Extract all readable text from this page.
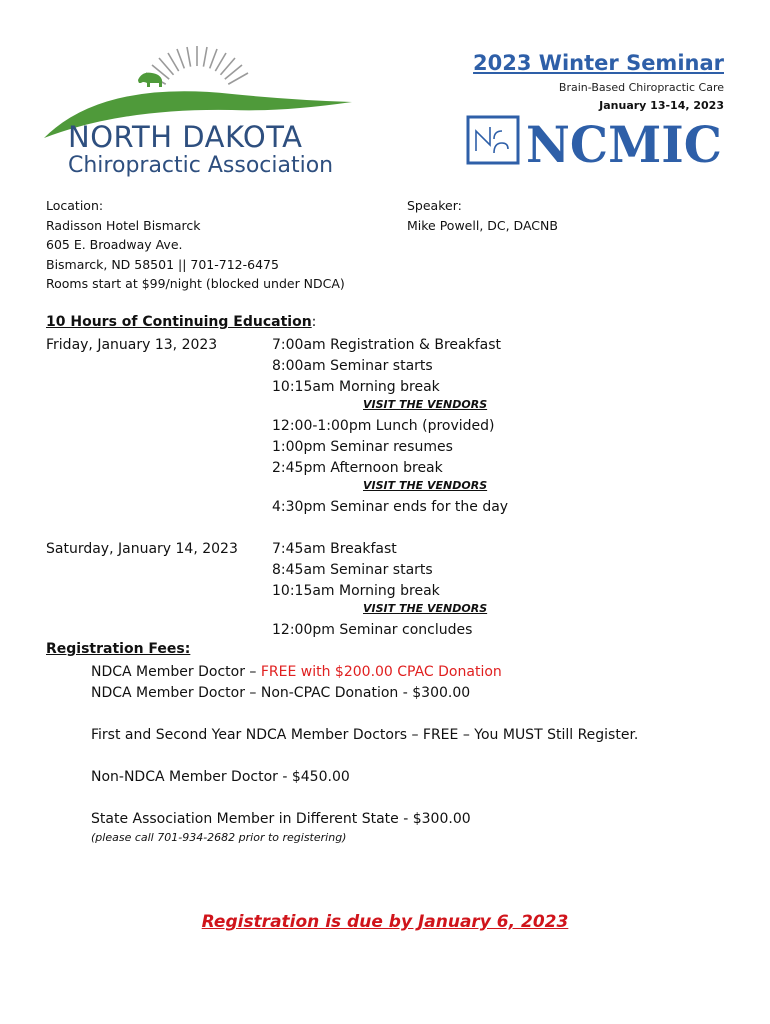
NORTH DAKOTA
Chiropractic Association
2023 Winter Seminar
Brain-Based Chiropractic Care
January 13-14, 2023
NCMIC
Location:
Radisson Hotel Bismarck
605 E. Broadway Ave.
Bismarck, ND 58501 || 701-712-6475
Rooms start at $99/night (blocked under NDCA)
Speaker:
Mike Powell, DC, DACNB
10 Hours of Continuing Education:
Friday, January 13, 2023	7:00am Registration & Breakfast
8:00am Seminar starts
10:15am Morning break
VISIT THE VENDORS
12:00-1:00pm Lunch (provided)
1:00pm Seminar resumes
2:45pm Afternoon break
VISIT THE VENDORS
4:30pm Seminar ends for the day
Saturday, January 14, 2023 7:45am Breakfast
8:45am Seminar starts
10:15am Morning break
VISIT THE VENDORS
12:00pm Seminar concludes
Registration Fees:
NDCA Member Doctor – FREE with $200.00 CPAC Donation
NDCA Member Doctor – Non-CPAC Donation - $300.00
First and Second Year NDCA Member Doctors – FREE – You MUST Still Register.
Non-NDCA Member Doctor - $450.00
State Association Member in Different State - $300.00
(please call 701-934-2682 prior to registering)
Registration is due by January 6, 2023
